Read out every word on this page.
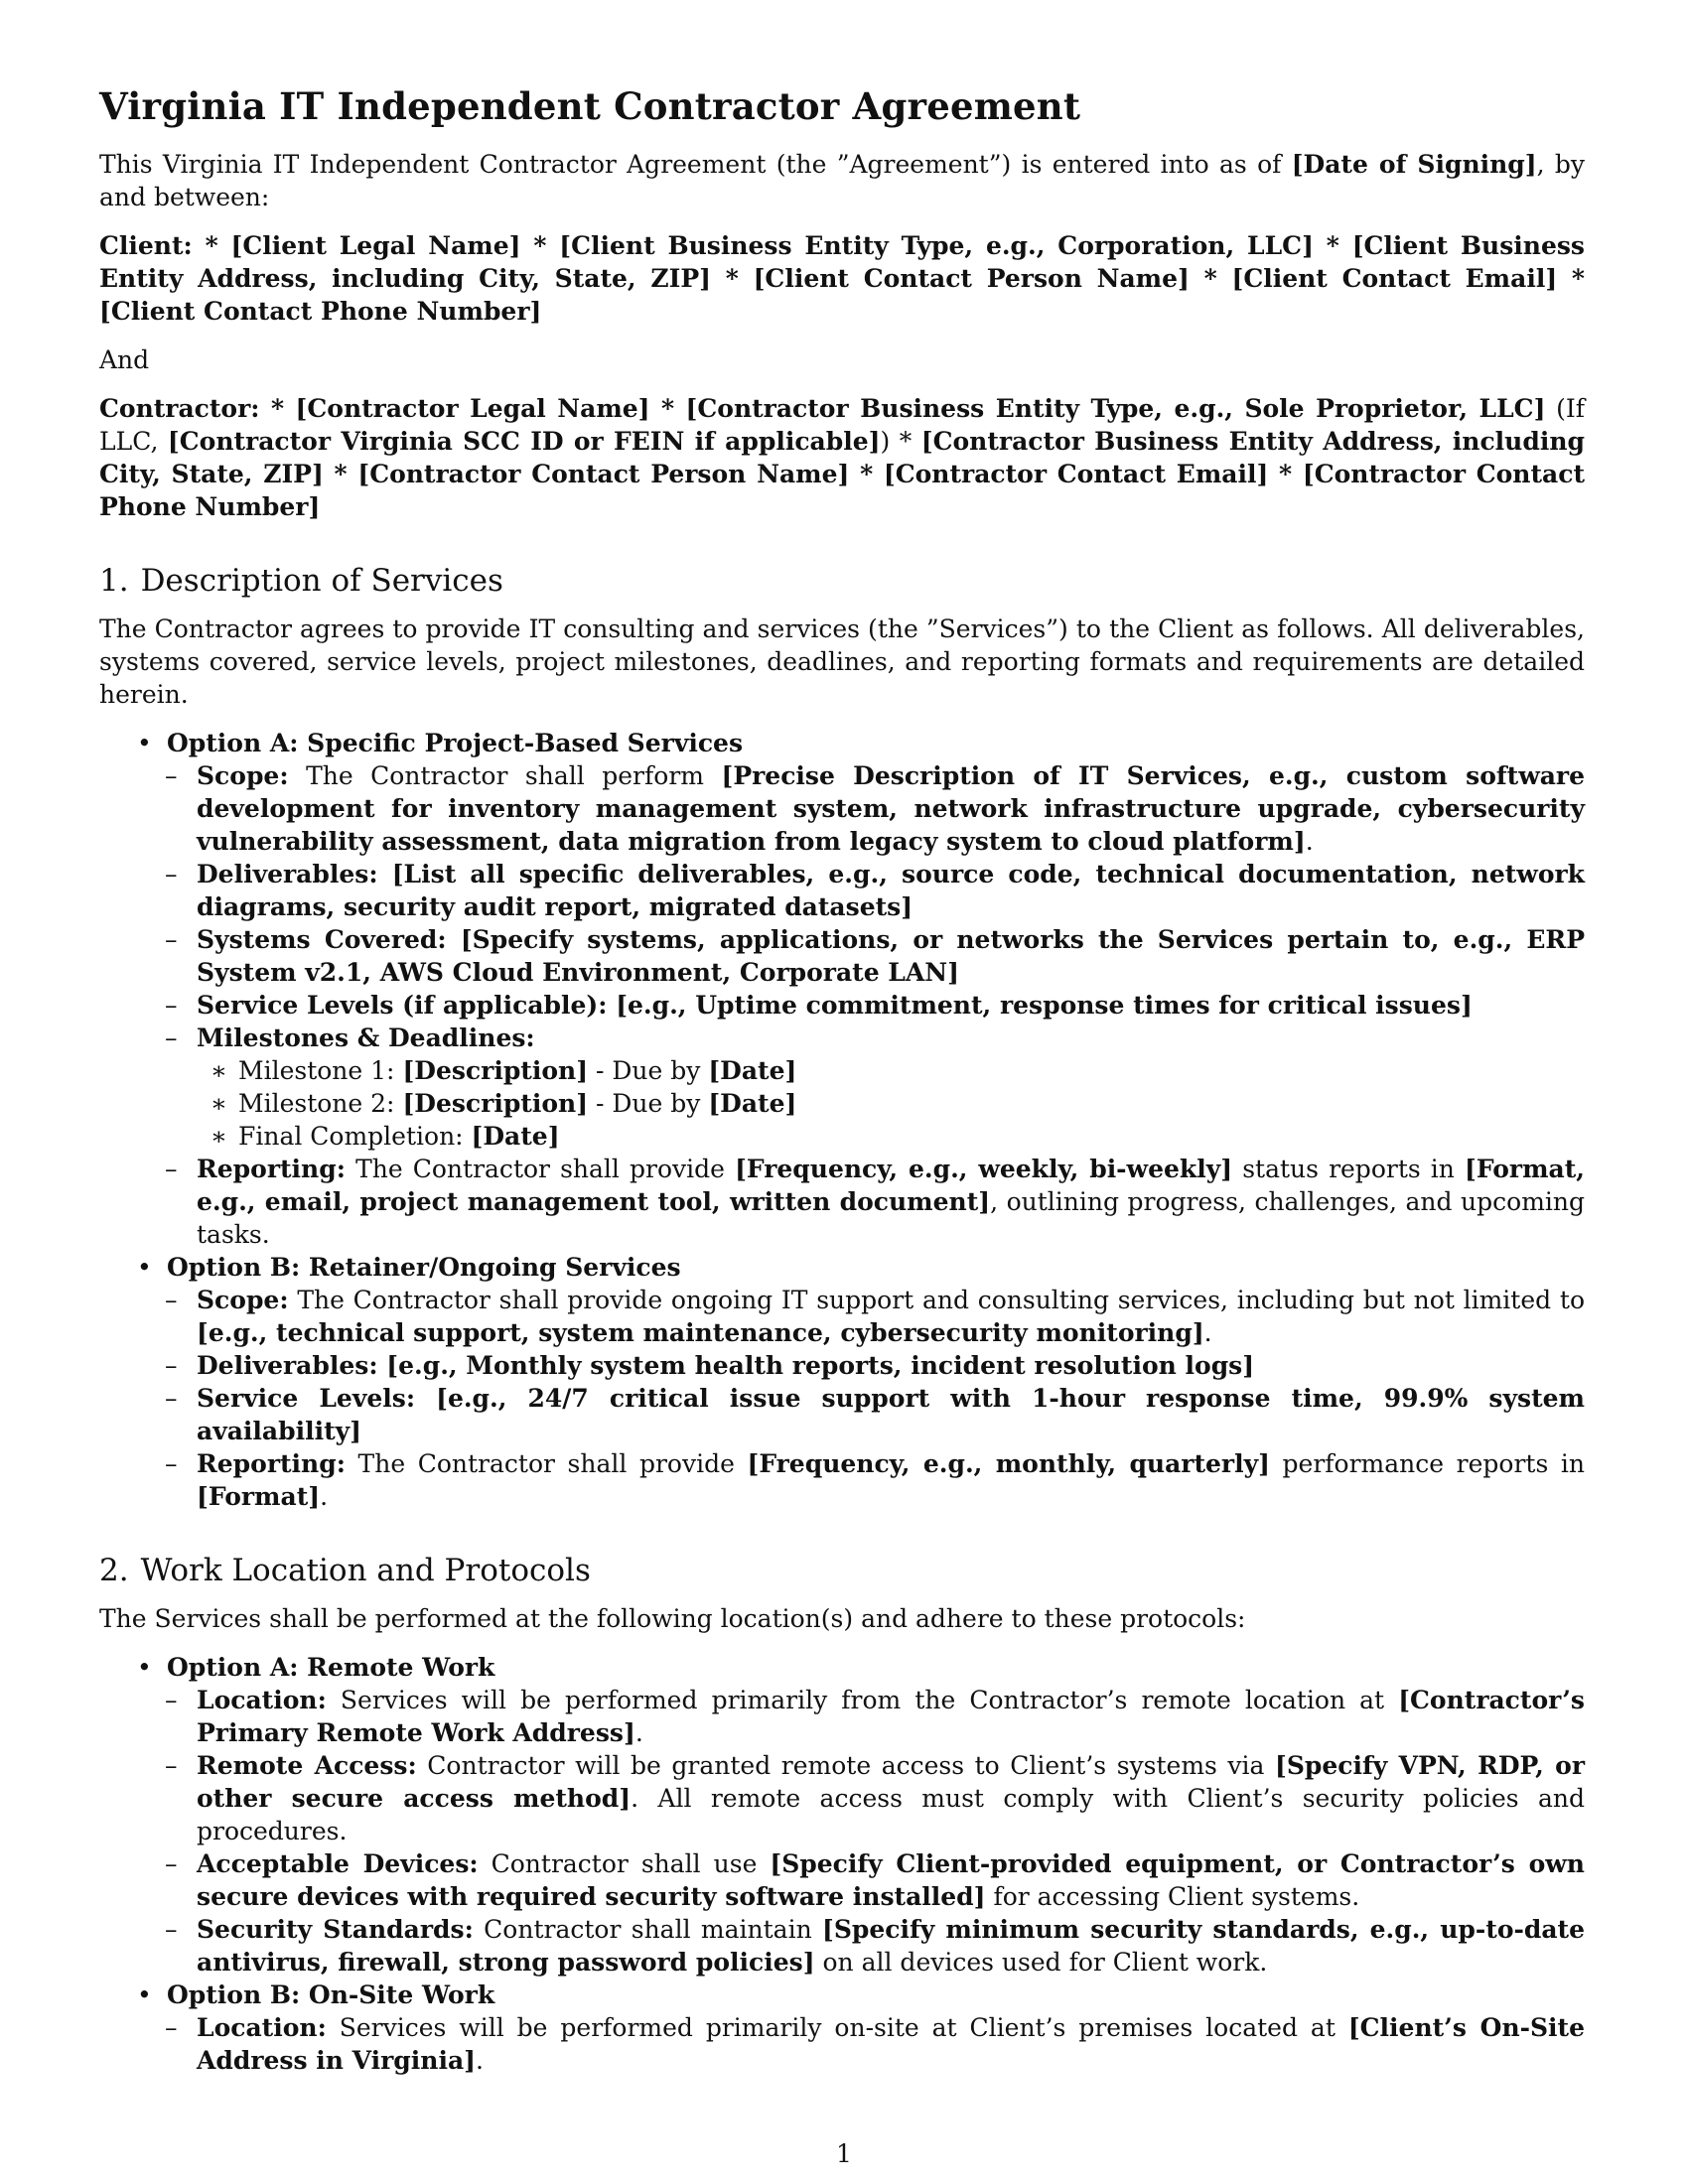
Virginia IT Independent Contractor Agreement

This Virginia IT Independent Contractor Agreement (the ”Agreement”) is entered into as of [Date of Signing], by and between:

Client: * [Client Legal Name] * [Client Business Entity Type, e.g., Corporation, LLC] * [Client Business Entity Address, including City, State, ZIP] * [Client Contact Person Name] * [Client Contact Email] * [Client Contact Phone Number]

And

Contractor: * [Contractor Legal Name] * [Contractor Business Entity Type, e.g., Sole Proprietor, LLC] (If LLC, [Contractor Virginia SCC ID or FEIN if applicable]) * [Contractor Business Entity Address, including City, State, ZIP] * [Contractor Contact Person Name] * [Contractor Contact Email] * [Contractor Contact Phone Number]
1. Description of Services

The Contractor agrees to provide IT consulting and services (the ”Services”) to the Client as follows. All deliverables, systems covered, service levels, project milestones, deadlines, and reporting formats and requirements are detailed herein.

• Option A: Specific Project-Based Services
– Scope: The Contractor shall perform [Precise Description of IT Services, e.g., custom software development for inventory management system, network infrastructure upgrade, cybersecurity vulnerability assessment, data migration from legacy system to cloud platform].
– Deliverables: [List all specific deliverables, e.g., source code, technical documentation, network diagrams, security audit report, migrated datasets]
– Systems Covered: [Specify systems, applications, or networks the Services pertain to, e.g., ERP System v2.1, AWS Cloud Environment, Corporate LAN]
– Service Levels (if applicable): [e.g., Uptime commitment, response times for critical issues]
– Milestones & Deadlines:
∗ Milestone 1: [Description] - Due by [Date]
∗ Milestone 2: [Description] - Due by [Date]
∗ Final Completion: [Date]
– Reporting: The Contractor shall provide [Frequency, e.g., weekly, bi-weekly] status reports in [Format, e.g., email, project management tool, written document], outlining progress, challenges, and upcoming tasks.
• Option B: Retainer/Ongoing Services
– Scope: The Contractor shall provide ongoing IT support and consulting services, including but not limited to [e.g., technical support, system maintenance, cybersecurity monitoring].
– Deliverables: [e.g., Monthly system health reports, incident resolution logs]
– Service Levels: [e.g., 24/7 critical issue support with 1-hour response time, 99.9% system availability]
– Reporting: The Contractor shall provide [Frequency, e.g., monthly, quarterly] performance reports in [Format].
2. Work Location and Protocols

The Services shall be performed at the following location(s) and adhere to these protocols:

• Option A: Remote Work
– Location: Services will be performed primarily from the Contractor’s remote location at [Contractor’s Primary Remote Work Address].
– Remote Access: Contractor will be granted remote access to Client’s systems via [Specify VPN, RDP, or other secure access method]. All remote access must comply with Client’s security policies and procedures.
– Acceptable Devices: Contractor shall use [Specify Client-provided equipment, or Contractor’s own secure devices with required security software installed] for accessing Client systems.
– Security Standards: Contractor shall maintain [Specify minimum security standards, e.g., up-to-date antivirus, firewall, strong password policies] on all devices used for Client work.
• Option B: On-Site Work
– Location: Services will be performed primarily on-site at Client’s premises located at [Client’s On-Site Address in Virginia].
1
